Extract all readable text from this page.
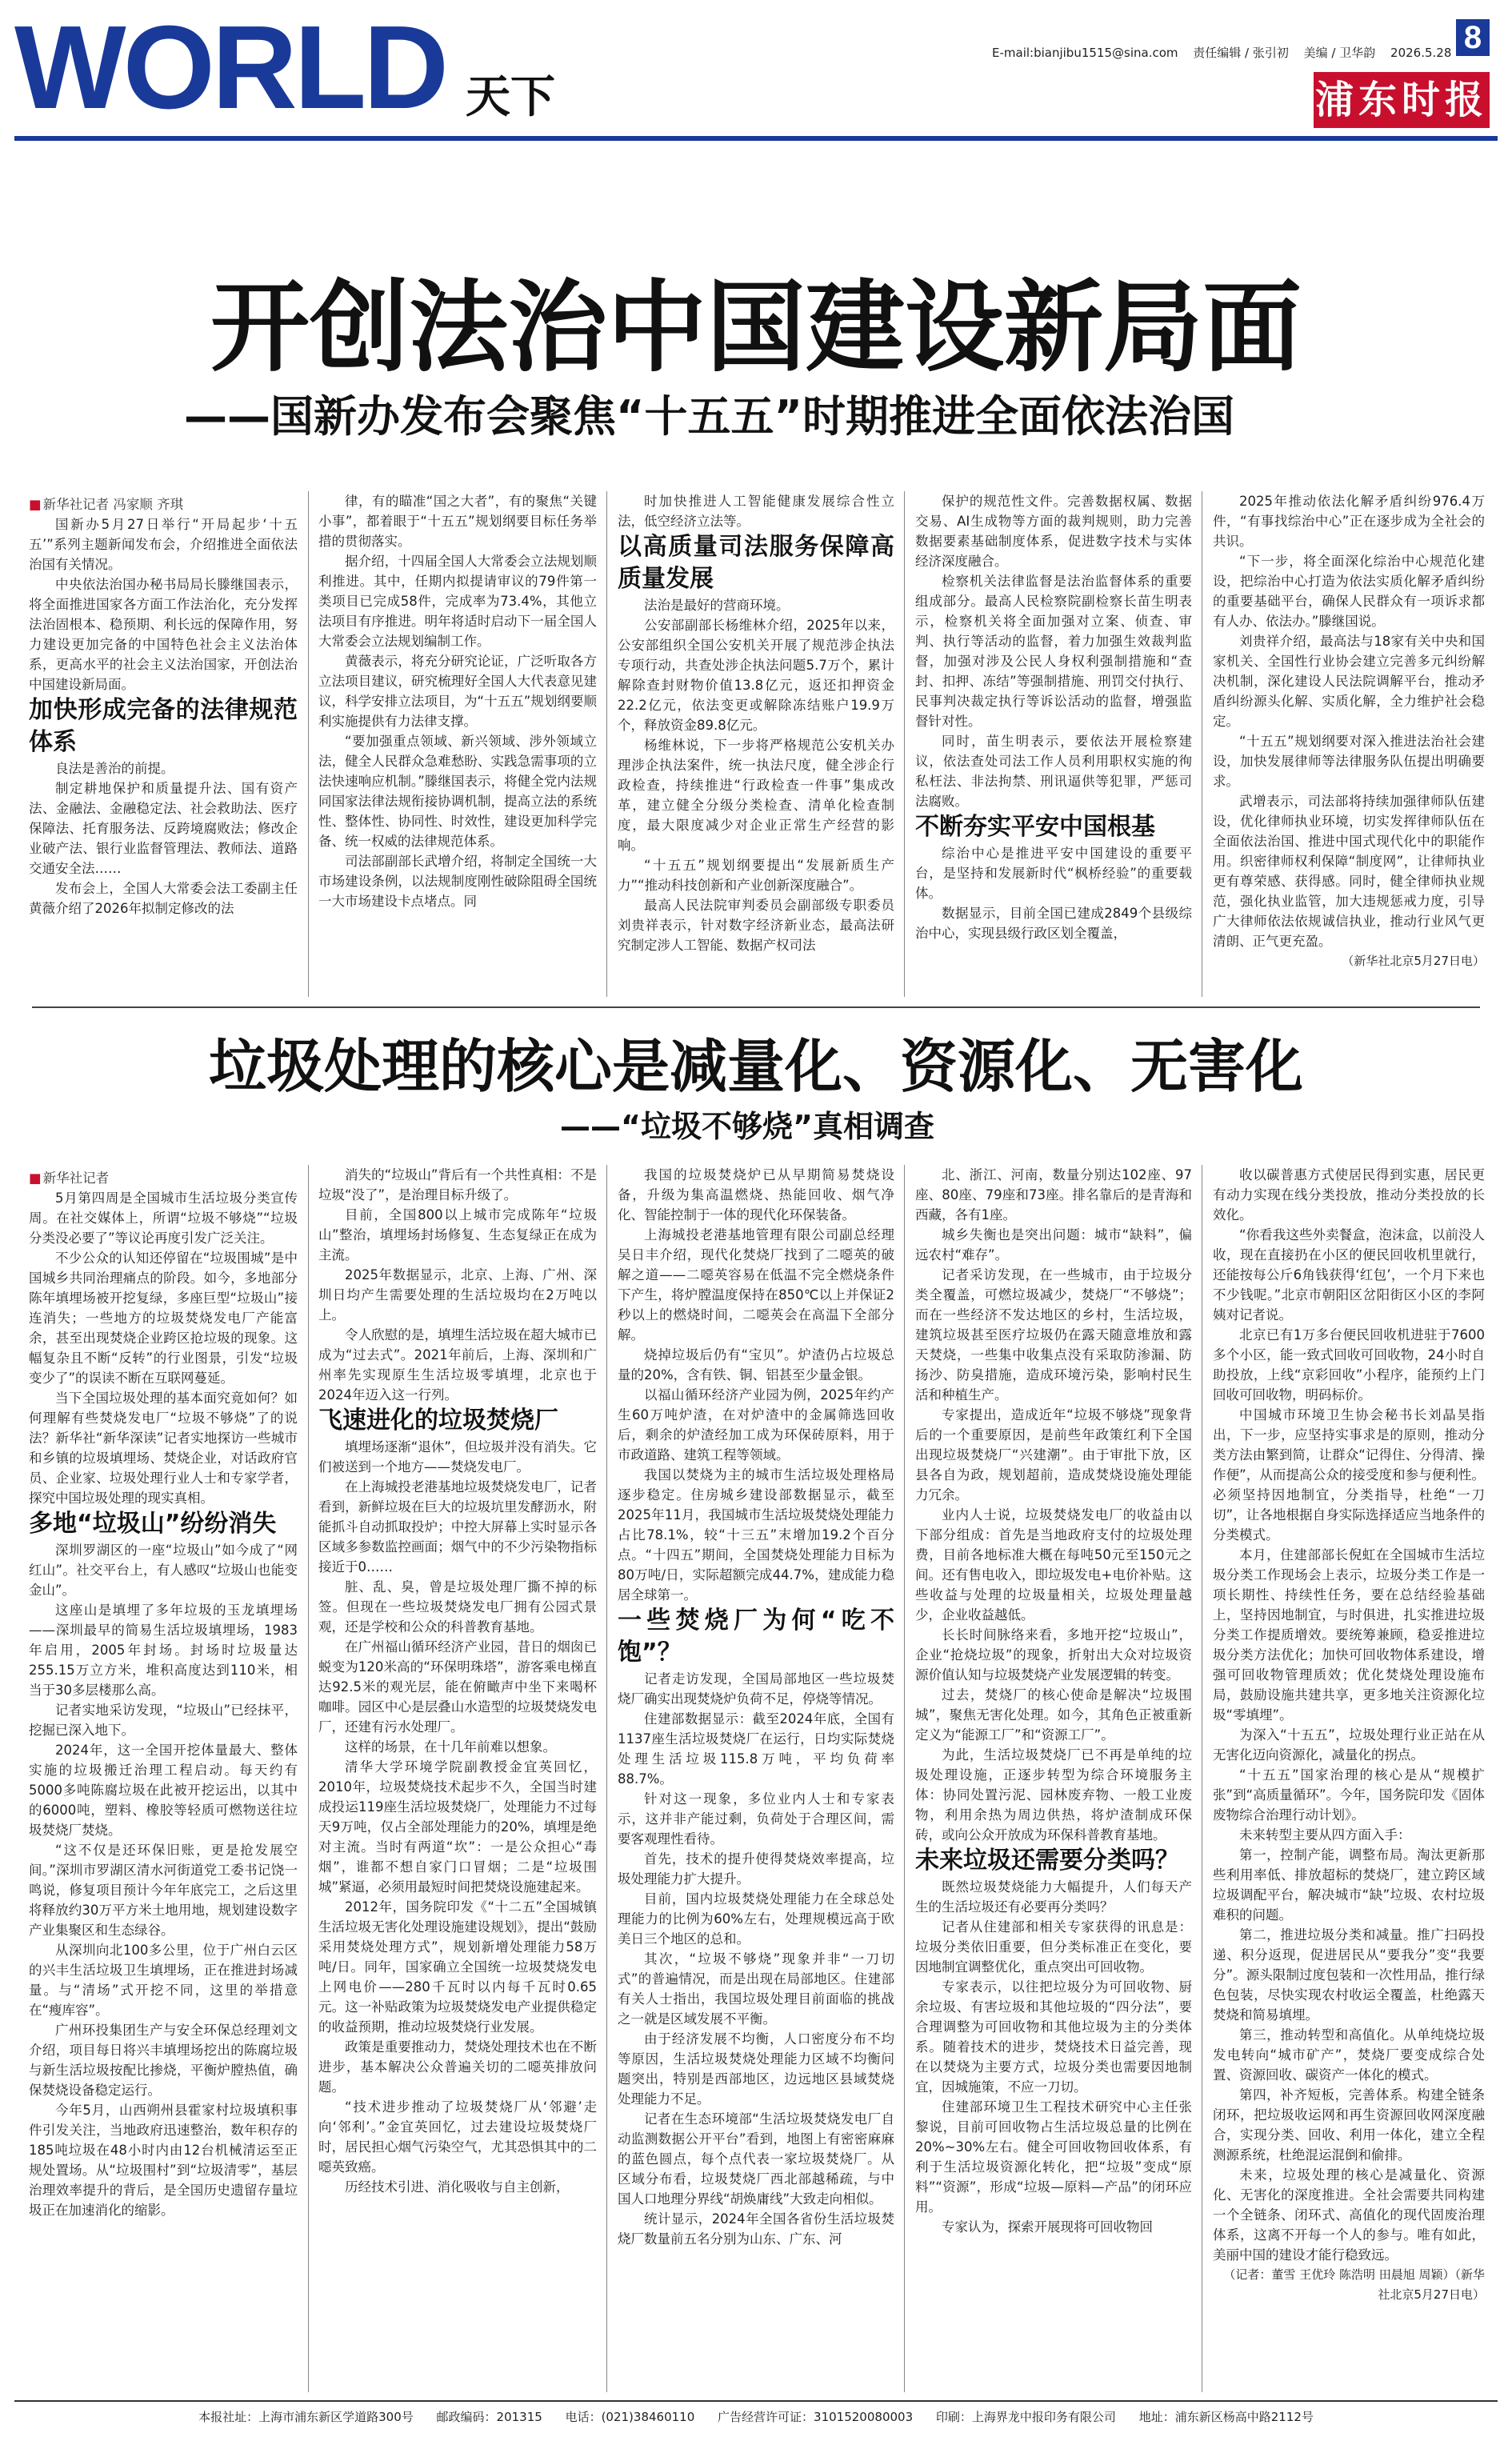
WORLD 天下
E-mail:bianjibu1515@sina.com 责任编辑 / 张引初 美编 / 卫华韵 2026.5.28 8
浦东时报
开创法治中国建设新局面
——国新办发布会聚焦“十五五”时期推进全面依法治国

■ 新华社记者 冯家顺 齐琪

国新办5月27日举行“开局起步‘十五五’”系列主题新闻发布会，介绍推进全面依法治国有关情况。

中央依法治国办秘书局局长滕继国表示，将全面推进国家各方面工作法治化，充分发挥法治固根本、稳预期、利长远的保障作用，努力建设更加完备的中国特色社会主义法治体系，更高水平的社会主义法治国家，开创法治中国建设新局面。

加快形成完备的法律规范体系

良法是善治的前提。

制定耕地保护和质量提升法、国有资产法、金融法、金融稳定法、社会救助法、医疗保障法、托育服务法、反跨境腐败法；修改企业破产法、银行业监督管理法、教师法、道路交通安全法……

发布会上，全国人大常委会法工委副主任黄薇介绍了2026年拟制定修改的法

律，有的瞄准“国之大者”，有的聚焦“关键小事”，都着眼于“十五五”规划纲要目标任务举措的贯彻落实。

据介绍，十四届全国人大常委会立法规划顺利推进。其中，任期内拟提请审议的79件第一类项目已完成58件，完成率为73.4%，其他立法项目有序推进。明年将适时启动下一届全国人大常委会立法规划编制工作。

黄薇表示，将充分研究论证，广泛听取各方立法项目建议，研究梳理好全国人大代表意见建议，科学安排立法项目，为“十五五”规划纲要顺利实施提供有力法律支撑。

“要加强重点领域、新兴领域、涉外领域立法，健全人民群众急难愁盼、实践急需事项的立法快速响应机制。”滕继国表示，将健全党内法规同国家法律法规衔接协调机制，提高立法的系统性、整体性、协同性、时效性，建设更加科学完备、统一权威的法律规范体系。

司法部副部长武增介绍，将制定全国统一大市场建设条例，以法规制度刚性破除阻碍全国统一大市场建设卡点堵点。同

时加快推进人工智能健康发展综合性立法，低空经济立法等。

以高质量司法服务保障高质量发展

法治是最好的营商环境。

公安部副部长杨维林介绍，2025年以来，公安部组织全国公安机关开展了规范涉企执法专项行动，共查处涉企执法问题5.7万个，累计解除查封财物价值13.8亿元，返还扣押资金22.2亿元，依法变更或解除冻结账户19.9万个，释放资金89.8亿元。

杨维林说，下一步将严格规范公安机关办理涉企执法案件，统一执法尺度，健全涉企行政检查，持续推进“行政检查一件事”集成改革，建立健全分级分类检查、清单化检查制度，最大限度减少对企业正常生产经营的影响。

“十五五”规划纲要提出“发展新质生产力”“推动科技创新和产业创新深度融合”。

最高人民法院审判委员会副部级专职委员刘贵祥表示，针对数字经济新业态，最高法研究制定涉人工智能、数据产权司法

保护的规范性文件。完善数据权属、数据交易、AI生成物等方面的裁判规则，助力完善数据要素基础制度体系，促进数字技术与实体经济深度融合。

检察机关法律监督是法治监督体系的重要组成部分。最高人民检察院副检察长苗生明表示，检察机关将全面加强对立案、侦查、审判、执行等活动的监督，着力加强生效裁判监督，加强对涉及公民人身权利强制措施和“查封、扣押、冻结”等强制措施、刑罚交付执行、民事判决裁定执行等诉讼活动的监督，增强监督针对性。

同时，苗生明表示，要依法开展检察建议，依法查处司法工作人员利用职权实施的徇私枉法、非法拘禁、刑讯逼供等犯罪，严惩司法腐败。

不断夯实平安中国根基

综治中心是推进平安中国建设的重要平台，是坚持和发展新时代“枫桥经验”的重要载体。

数据显示，目前全国已建成2849个县级综治中心，实现县级行政区划全覆盖，

2025年推动依法化解矛盾纠纷976.4万件，“有事找综治中心”正在逐步成为全社会的共识。

“下一步，将全面深化综治中心规范化建设，把综治中心打造为依法实质化解矛盾纠纷的重要基础平台，确保人民群众有一项诉求都有人办、依法办。”滕继国说。

刘贵祥介绍，最高法与18家有关中央和国家机关、全国性行业协会建立完善多元纠纷解决机制，深化建设人民法院调解平台，推动矛盾纠纷源头化解、实质化解，全力维护社会稳定。

“十五五”规划纲要对深入推进法治社会建设，加快发展律师等法律服务队伍提出明确要求。

武增表示，司法部将持续加强律师队伍建设，优化律师执业环境，切实发挥律师队伍在全面依法治国、推进中国式现代化中的职能作用。织密律师权利保障“制度网”，让律师执业更有尊荣感、获得感。同时，健全律师执业规范，强化执业监管，加大违规惩戒力度，引导广大律师依法依规诚信执业，推动行业风气更清朗、正气更充盈。

（新华社北京5月27日电）

垃圾处理的核心是减量化、资源化、无害化
——“垃圾不够烧”真相调查

■ 新华社记者

5月第四周是全国城市生活垃圾分类宣传周。在社交媒体上，所谓“垃圾不够烧”“垃圾分类没必要了”等议论再度引发广泛关注。

不少公众的认知还停留在“垃圾围城”是中国城乡共同治理痛点的阶段。如今，多地部分陈年填埋场被开挖复绿，多座巨型“垃圾山”接连消失；一些地方的垃圾焚烧发电厂产能富余，甚至出现焚烧企业跨区抢垃圾的现象。这幅复杂且不断“反转”的行业图景，引发“垃圾变少了”的误读不断在互联网蔓延。

当下全国垃圾处理的基本面究竟如何？如何理解有些焚烧发电厂“垃圾不够烧”了的说法？新华社“新华深读”记者实地探访一些城市和乡镇的垃圾填埋场、焚烧企业，对话政府官员、企业家、垃圾处理行业人士和专家学者，探究中国垃圾处理的现实真相。

多地“垃圾山”纷纷消失

深圳罗湖区的一座“垃圾山”如今成了“网红山”。社交平台上，有人感叹“垃圾山也能变金山”。

这座山是填埋了多年垃圾的玉龙填埋场——深圳最早的简易生活垃圾填埋场，1983年启用，2005年封场。封场时垃圾量达255.15万立方米，堆积高度达到110米，相当于30多层楼那么高。

记者实地采访发现，“垃圾山”已经抹平，挖掘已深入地下。

2024年，这一全国开挖体量最大、整体实施的垃圾搬迁治理工程启动。每天约有5000多吨陈腐垃圾在此被开挖运出，以其中的6000吨，塑料、橡胶等轻质可燃物送往垃圾焚烧厂焚烧。

“这不仅是还环保旧账，更是抢发展空间。”深圳市罗湖区清水河街道党工委书记饶一鸣说，修复项目预计今年年底完工，之后这里将释放约30万平方米土地用地，规划建设数字产业集聚区和生态绿谷。

从深圳向北100多公里，位于广州白云区的兴丰生活垃圾卫生填埋场，正在推进封场减量。与“清场”式开挖不同，这里的举措意在“瘦库容”。

广州环投集团生产与安全环保总经理刘文介绍，项目每日将兴丰填埋场挖出的陈腐垃圾与新生活垃圾按配比掺烧，平衡炉膛热值，确保焚烧设备稳定运行。

今年5月，山西朔州县霍家村垃圾填积事件引发关注，当地政府迅速整治，数年积存的185吨垃圾在48小时内由12台机械清运至正规处置场。从“垃圾围村”到“垃圾清零”，基层治理效率提升的背后，是全国历史遗留存量垃圾正在加速消化的缩影。

消失的“垃圾山”背后有一个共性真相：不是垃圾“没了”，是治理目标升级了。

目前，全国800以上城市完成陈年“垃圾山”整治，填埋场封场修复、生态复绿正在成为主流。

2025年数据显示，北京、上海、广州、深圳日均产生需要处理的生活垃圾均在2万吨以上。

令人欣慰的是，填埋生活垃圾在超大城市已成为“过去式”。2021年前后，上海、深圳和广州率先实现原生生活垃圾零填埋，北京也于2024年迈入这一行列。

飞速进化的垃圾焚烧厂

填埋场逐渐“退休”，但垃圾并没有消失。它们被送到一个地方——焚烧发电厂。

在上海城投老港基地垃圾焚烧发电厂，记者看到，新鲜垃圾在巨大的垃圾坑里发酵沥水，附能抓斗自动抓取投炉；中控大屏幕上实时显示各区域多参数监控画面；烟气中的不少污染物指标接近于0……

脏、乱、臭，曾是垃圾处理厂撕不掉的标签。但现在一些垃圾焚烧发电厂拥有公园式景观，还是学校和公众的科普教育基地。

在广州福山循环经济产业园，昔日的烟囱已蜕变为120米高的“环保明珠塔”，游客乘电梯直达92.5米的观光层，能在俯瞰声中坐下来喝杯咖啡。园区中心是层叠山水造型的垃圾焚烧发电厂，还建有污水处理厂。

这样的场景，在十几年前难以想象。

清华大学环境学院副教授金宜英回忆，2010年，垃圾焚烧技术起步不久，全国当时建成投运119座生活垃圾焚烧厂，处理能力不过每天9万吨，仅占全部处理能力的20%，填埋是绝对主流。当时有两道“坎”：一是公众担心“毒烟”，谁都不想自家门口冒烟；二是“垃圾围城”紧逼，必须用最短时间把焚烧设施建起来。

2012年，国务院印发《“十二五”全国城镇生活垃圾无害化处理设施建设规划》，提出“鼓励采用焚烧处理方式”，规划新增处理能力58万吨/日。同年，国家确立全国统一垃圾焚烧发电上网电价——280千瓦时以内每千瓦时0.65元。这一补贴政策为垃圾焚烧发电产业提供稳定的收益预期，推动垃圾焚烧行业发展。

政策是重要推动力，焚烧处理技术也在不断进步，基本解决公众普遍关切的二噁英排放问题。

“技术进步推动了垃圾焚烧厂从‘邻避’走向‘邻利’。”金宜英回忆，过去建设垃圾焚烧厂时，居民担心烟气污染空气，尤其恐惧其中的二噁英致癌。

历经技术引进、消化吸收与自主创新，

我国的垃圾焚烧炉已从早期简易焚烧设备，升级为集高温燃烧、热能回收、烟气净化、智能控制于一体的现代化环保装备。

上海城投老港基地管理有限公司副总经理吴日丰介绍，现代化焚烧厂找到了二噁英的破解之道——二噁英容易在低温不完全燃烧条件下产生，将炉膛温度保持在850℃以上并保证2秒以上的燃烧时间，二噁英会在高温下全部分解。

烧掉垃圾后仍有“宝贝”。炉渣仍占垃圾总量的20%，含有铁、铜、铝甚至少量金银。

以福山循环经济产业园为例，2025年约产生60万吨炉渣，在对炉渣中的金属筛选回收后，剩余的炉渣经加工成为环保砖原料，用于市政道路、建筑工程等领域。

我国以焚烧为主的城市生活垃圾处理格局逐步稳定。住房城乡建设部数据显示，截至2025年11月，我国城市生活垃圾焚烧处理能力占比78.1%，较“十三五”末增加19.2个百分点。“十四五”期间，全国焚烧处理能力目标为80万吨/日，实际超额完成44.7%，建成能力稳居全球第一。

一些焚烧厂为何“吃不饱”？

记者走访发现，全国局部地区一些垃圾焚烧厂确实出现焚烧炉负荷不足，停烧等情况。

住建部数据显示：截至2024年底，全国有1137座生活垃圾焚烧厂在运行，日均实际焚烧处理生活垃圾115.8万吨，平均负荷率88.7%。

针对这一现象，多位业内人士和专家表示，这并非产能过剩，负荷处于合理区间，需要客观理性看待。

首先，技术的提升使得焚烧效率提高，垃圾处理能力扩大提升。

目前，国内垃圾焚烧处理能力在全球总处理能力的比例为60%左右，处理规模远高于欧美日三个地区的总和。

其次，“垃圾不够烧”现象并非“一刀切式”的普遍情况，而是出现在局部地区。住建部有关人士指出，我国垃圾处理目前面临的挑战之一就是区域发展不平衡。

由于经济发展不均衡，人口密度分布不均等原因，生活垃圾焚烧处理能力区域不均衡问题突出，特别是西部地区，边远地区县域焚烧处理能力不足。

记者在生态环境部“生活垃圾焚烧发电厂自动监测数据公开平台”看到，地图上有密密麻麻的蓝色圆点，每个点代表一家垃圾焚烧厂。从区域分布看，垃圾焚烧厂西北部越稀疏，与中国人口地理分界线“胡焕庸线”大致走向相似。

统计显示，2024年全国各省份生活垃圾焚烧厂数量前五名分别为山东、广东、河

北、浙江、河南，数量分别达102座、97座、80座、79座和73座。排名靠后的是青海和西藏，各有1座。

城乡失衡也是突出问题：城市“缺料”，偏远农村“难存”。

记者采访发现，在一些城市，由于垃圾分类全覆盖，可燃垃圾减少，焚烧厂“不够烧”；而在一些经济不发达地区的乡村，生活垃圾，建筑垃圾甚至医疗垃圾仍在露天随意堆放和露天焚烧，一些集中收集点没有采取防渗漏、防扬沙、防臭措施，造成环境污染，影响村民生活和种植生产。

专家提出，造成近年“垃圾不够烧”现象背后的一个重要原因，是前些年政策红利下全国出现垃圾焚烧厂“兴建潮”。由于审批下放，区县各自为政，规划超前，造成焚烧设施处理能力冗余。

业内人士说，垃圾焚烧发电厂的收益由以下部分组成：首先是当地政府支付的垃圾处理费，目前各地标准大概在每吨50元至150元之间。还有售电收入，即垃圾发电+电价补贴。这些收益与处理的垃圾量相关，垃圾处理量越少，企业收益越低。

长长时间脉络来看，多地开挖“垃圾山”，企业“抢烧垃圾”的现象，折射出大众对垃圾资源价值认知与垃圾焚烧产业发展逻辑的转变。

过去，焚烧厂的核心使命是解决“垃圾围城”，聚焦无害化处理。如今，其角色正被重新定义为“能源工厂”和“资源工厂”。

为此，生活垃圾焚烧厂已不再是单纯的垃圾处理设施，正逐步转型为综合环境服务主体：协同处置污泥、园林废弃物、一般工业废物，利用余热为周边供热，将炉渣制成环保砖，或向公众开放成为环保科普教育基地。

未来垃圾还需要分类吗？

既然垃圾焚烧能力大幅提升，人们每天产生的生活垃圾还有必要再分类吗？

记者从住建部和相关专家获得的讯息是：垃圾分类依旧重要，但分类标准正在变化，要因地制宜调整优化，重点突出可回收物。

专家表示，以往把垃圾分为可回收物、厨余垃圾、有害垃圾和其他垃圾的“四分法”，要合理调整为可回收物和其他垃圾为主的分类体系。随着技术的进步，焚烧技术日益完善，现在以焚烧为主要方式，垃圾分类也需要因地制宜，因城施策，不应一刀切。

住建部环境卫生工程技术研究中心主任张黎说，目前可回收物占生活垃圾总量的比例在20%~30%左右。健全可回收物回收体系，有利于生活垃圾资源化转化，把“垃圾”变成“原料”“资源”，形成“垃圾—原料—产品”的闭环应用。

专家认为，探索开展现将可回收物回

收以碳普惠方式使居民得到实惠，居民更有动力实现在线分类投放，推动分类投放的长效化。

“你看我这些外卖餐盒，泡沫盒，以前没人收，现在直接扔在小区的便民回收机里就行，还能按每公斤6角钱获得‘红包’，一个月下来也不少钱呢。”北京市朝阳区岔阳街区小区的李阿姨对记者说。

北京已有1万多台便民回收机进驻于7600多个小区，能一致式回收可回收物，24小时自助投放，上线“京彩回收”小程序，能预约上门回收可回收物，明码标价。

中国城市环境卫生协会秘书长刘晶昊指出，下一步，应坚持实事求是的原则，推动分类方法由繁到简，让群众“记得住、分得清、操作便”，从而提高公众的接受度和参与便利性。必须坚持因地制宜，分类指导，杜绝“一刀切”，让各地根据自身实际选择适应当地条件的分类模式。

本月，住建部部长倪虹在全国城市生活垃圾分类工作现场会上表示，垃圾分类工作是一项长期性、持续性任务，要在总结经验基础上，坚持因地制宜，与时俱进，扎实推进垃圾分类工作提质增效。要统筹兼顾，稳妥推进垃圾分类方法优化；加快可回收物体系建设，增强可回收物管理质效；优化焚烧处理设施布局，鼓励设施共建共享，更多地关注资源化垃圾“零填埋”。

为深入“十五五”，垃圾处理行业正站在从无害化迈向资源化，减量化的拐点。

“十五五”国家治理的核心是从“规模扩张”到“高质量循环”。今年，国务院印发《固体废物综合治理行动计划》。

未来转型主要从四方面入手：

第一，控制产能，调整布局。淘汰更新那些利用率低、排放超标的焚烧厂，建立跨区域垃圾调配平台，解决城市“缺”垃圾、农村垃圾难积的问题。

第二，推进垃圾分类和减量。推广扫码投递、积分返现，促进居民从“要我分”变“我要分”。源头限制过度包装和一次性用品，推行绿色包装，尽快实现农村收运全覆盖，杜绝露天焚烧和简易填埋。

第三，推动转型和高值化。从单纯烧垃圾发电转向“城市矿产”，焚烧厂要变成综合处置、资源回收、碳资产一体化的模式。

第四，补齐短板，完善体系。构建全链条闭环，把垃圾收运网和再生资源回收网深度融合，实现分类、回收、利用一体化，建立全程测源系统，杜绝混运混倒和偷排。

未来，垃圾处理的核心是减量化、资源化、无害化的深度推进。全社会需要共同构建一个全链条、闭环式、高值化的现代固废治理体系，这离不开每一个人的参与。唯有如此，美丽中国的建设才能行稳致远。

（记者：董雪 王优玲 陈浩明 田晨旭 周颖）（新华社北京5月27日电）

本报社址：上海市浦东新区学道路300号 邮政编码：201315 电话：(021)38460110 广告经营许可证：3101520080003 印刷：上海界龙中报印务有限公司 地址：浦东新区杨高中路2112号
